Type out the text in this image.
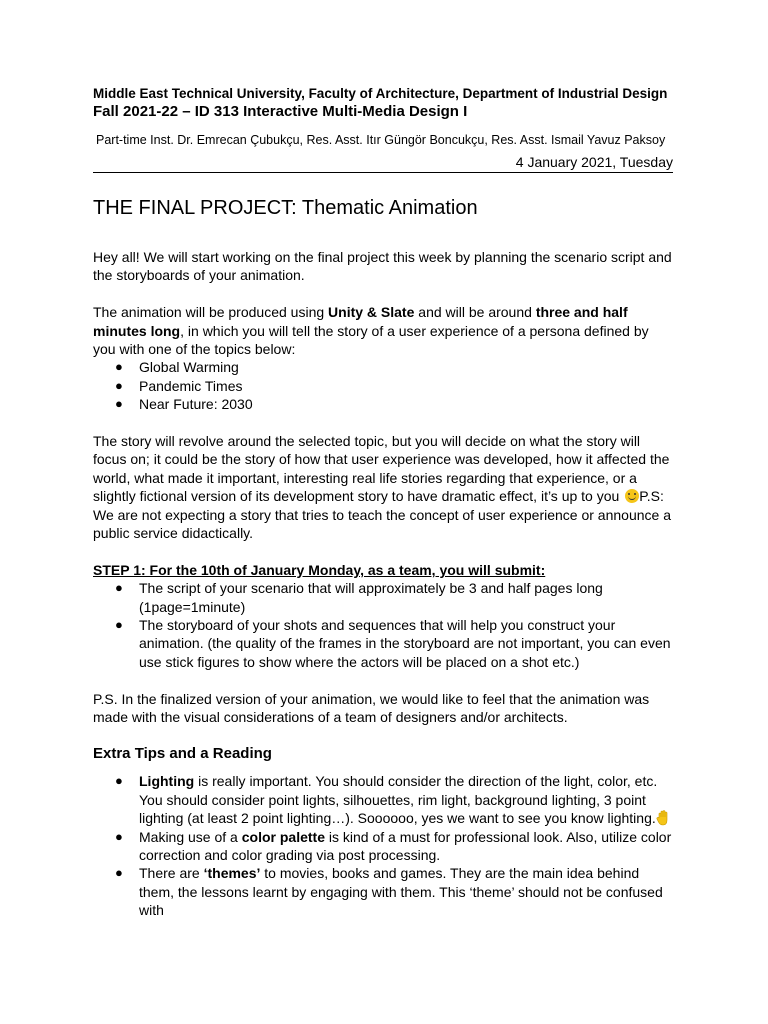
Middle East Technical University, Faculty of Architecture, Department of Industrial Design
Fall 2021-22 – ID 313 Interactive Multi-Media Design I
Part-time Inst. Dr. Emrecan Çubukçu, Res. Asst. Itır Güngör Boncukçu, Res. Asst. Ismail Yavuz Paksoy
4 January 2021, Tuesday
THE FINAL PROJECT: Thematic Animation

Hey all! We will start working on the final project this week by planning the scenario script and the storyboards of your animation.

The animation will be produced using Unity & Slate and will be around three and half minutes long, in which you will tell the story of a user experience of a persona defined by you with one of the topics below:

● Global Warming
● Pandemic Times
● Near Future: 2030

The story will revolve around the selected topic, but you will decide on what the story will focus on; it could be the story of how that user experience was developed, how it affected the world, what made it important, interesting real life stories regarding that experience, or a slightly fictional version of its development story to have dramatic effect, it’s up to you P.S: We are not expecting a story that tries to teach the concept of user experience or announce a public service didactically.

STEP 1: For the 10th of January Monday, as a team, you will submit:
● The script of your scenario that will approximately be 3 and half pages long (1page=1minute)
● The storyboard of your shots and sequences that will help you construct your animation. (the quality of the frames in the storyboard are not important, you can even use stick figures to show where the actors will be placed on a shot etc.)

P.S. In the finalized version of your animation, we would like to feel that the animation was made with the visual considerations of a team of designers and/or architects.

Extra Tips and a Reading
● Lighting is really important. You should consider the direction of the light, color, etc. You should consider point lights, silhouettes, rim light, background lighting, 3 point lighting (at least 2 point lighting…). Soooooo, yes we want to see you know lighting.
● Making use of a color palette is kind of a must for professional look. Also, utilize color correction and color grading via post processing.
● There are ‘themes’ to movies, books and games. They are the main idea behind them, the lessons learnt by engaging with them. This ‘theme’ should not be confused with
